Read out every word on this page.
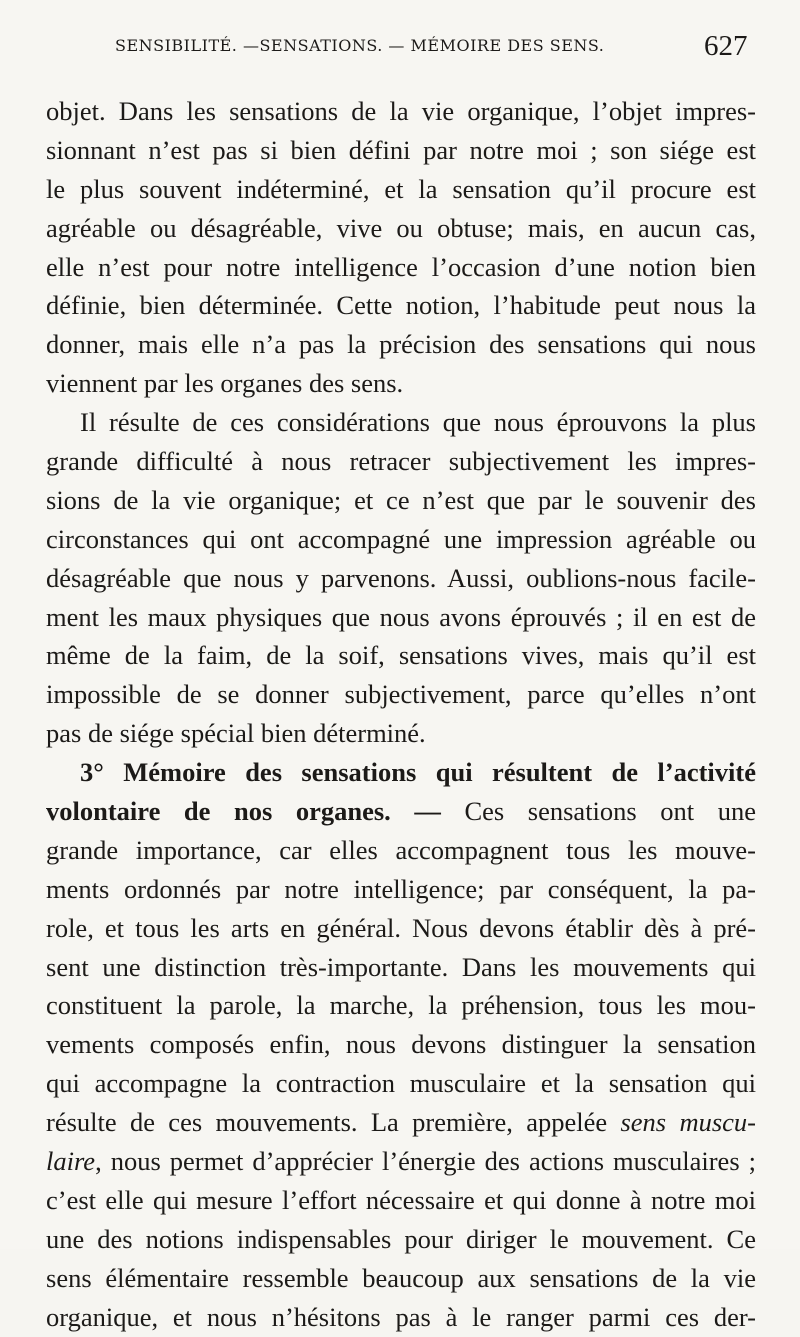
SENSIBILITÉ. —SENSATIONS. — MÉMOIRE DES SENS.	627
objet. Dans les sensations de la vie organique, l’objet impres-
sionnant n’est pas si bien défini par notre moi ; son siége est
le plus souvent indéterminé, et la sensation qu’il procure est
agréable ou désagréable, vive ou obtuse; mais, en aucun cas,
elle n’est pour notre intelligence l’occasion d’une notion bien
définie, bien déterminée. Cette notion, l’habitude peut nous la
donner, mais elle n’a pas la précision des sensations qui nous
viennent par les organes des sens.
Il résulte de ces considérations que nous éprouvons la plus
grande difficulté à nous retracer subjectivement les impres-
sions de la vie organique; et ce n’est que par le souvenir des
circonstances qui ont accompagné une impression agréable ou
désagréable que nous y parvenons. Aussi, oublions-nous facile-
ment les maux physiques que nous avons éprouvés ; il en est de
même de la faim, de la soif, sensations vives, mais qu’il est
impossible de se donner subjectivement, parce qu’elles n’ont
pas de siége spécial bien déterminé.
3° Mémoire des sensations qui résultent de l’activité
volontaire de nos organes. — Ces sensations ont une
grande importance, car elles accompagnent tous les mouve-
ments ordonnés par notre intelligence; par conséquent, la pa-
role, et tous les arts en général. Nous devons établir dès à pré-
sent une distinction très-importante. Dans les mouvements qui
constituent la parole, la marche, la préhension, tous les mou-
vements composés enfin, nous devons distinguer la sensation
qui accompagne la contraction musculaire et la sensation qui
résulte de ces mouvements. La première, appelée sens muscu-
laire, nous permet d’apprécier l’énergie des actions musculaires ;
c’est elle qui mesure l’effort nécessaire et qui donne à notre moi
une des notions indispensables pour diriger le mouvement. Ce
sens élémentaire ressemble beaucoup aux sensations de la vie
organique, et nous n’hésitons pas à le ranger parmi ces der-
